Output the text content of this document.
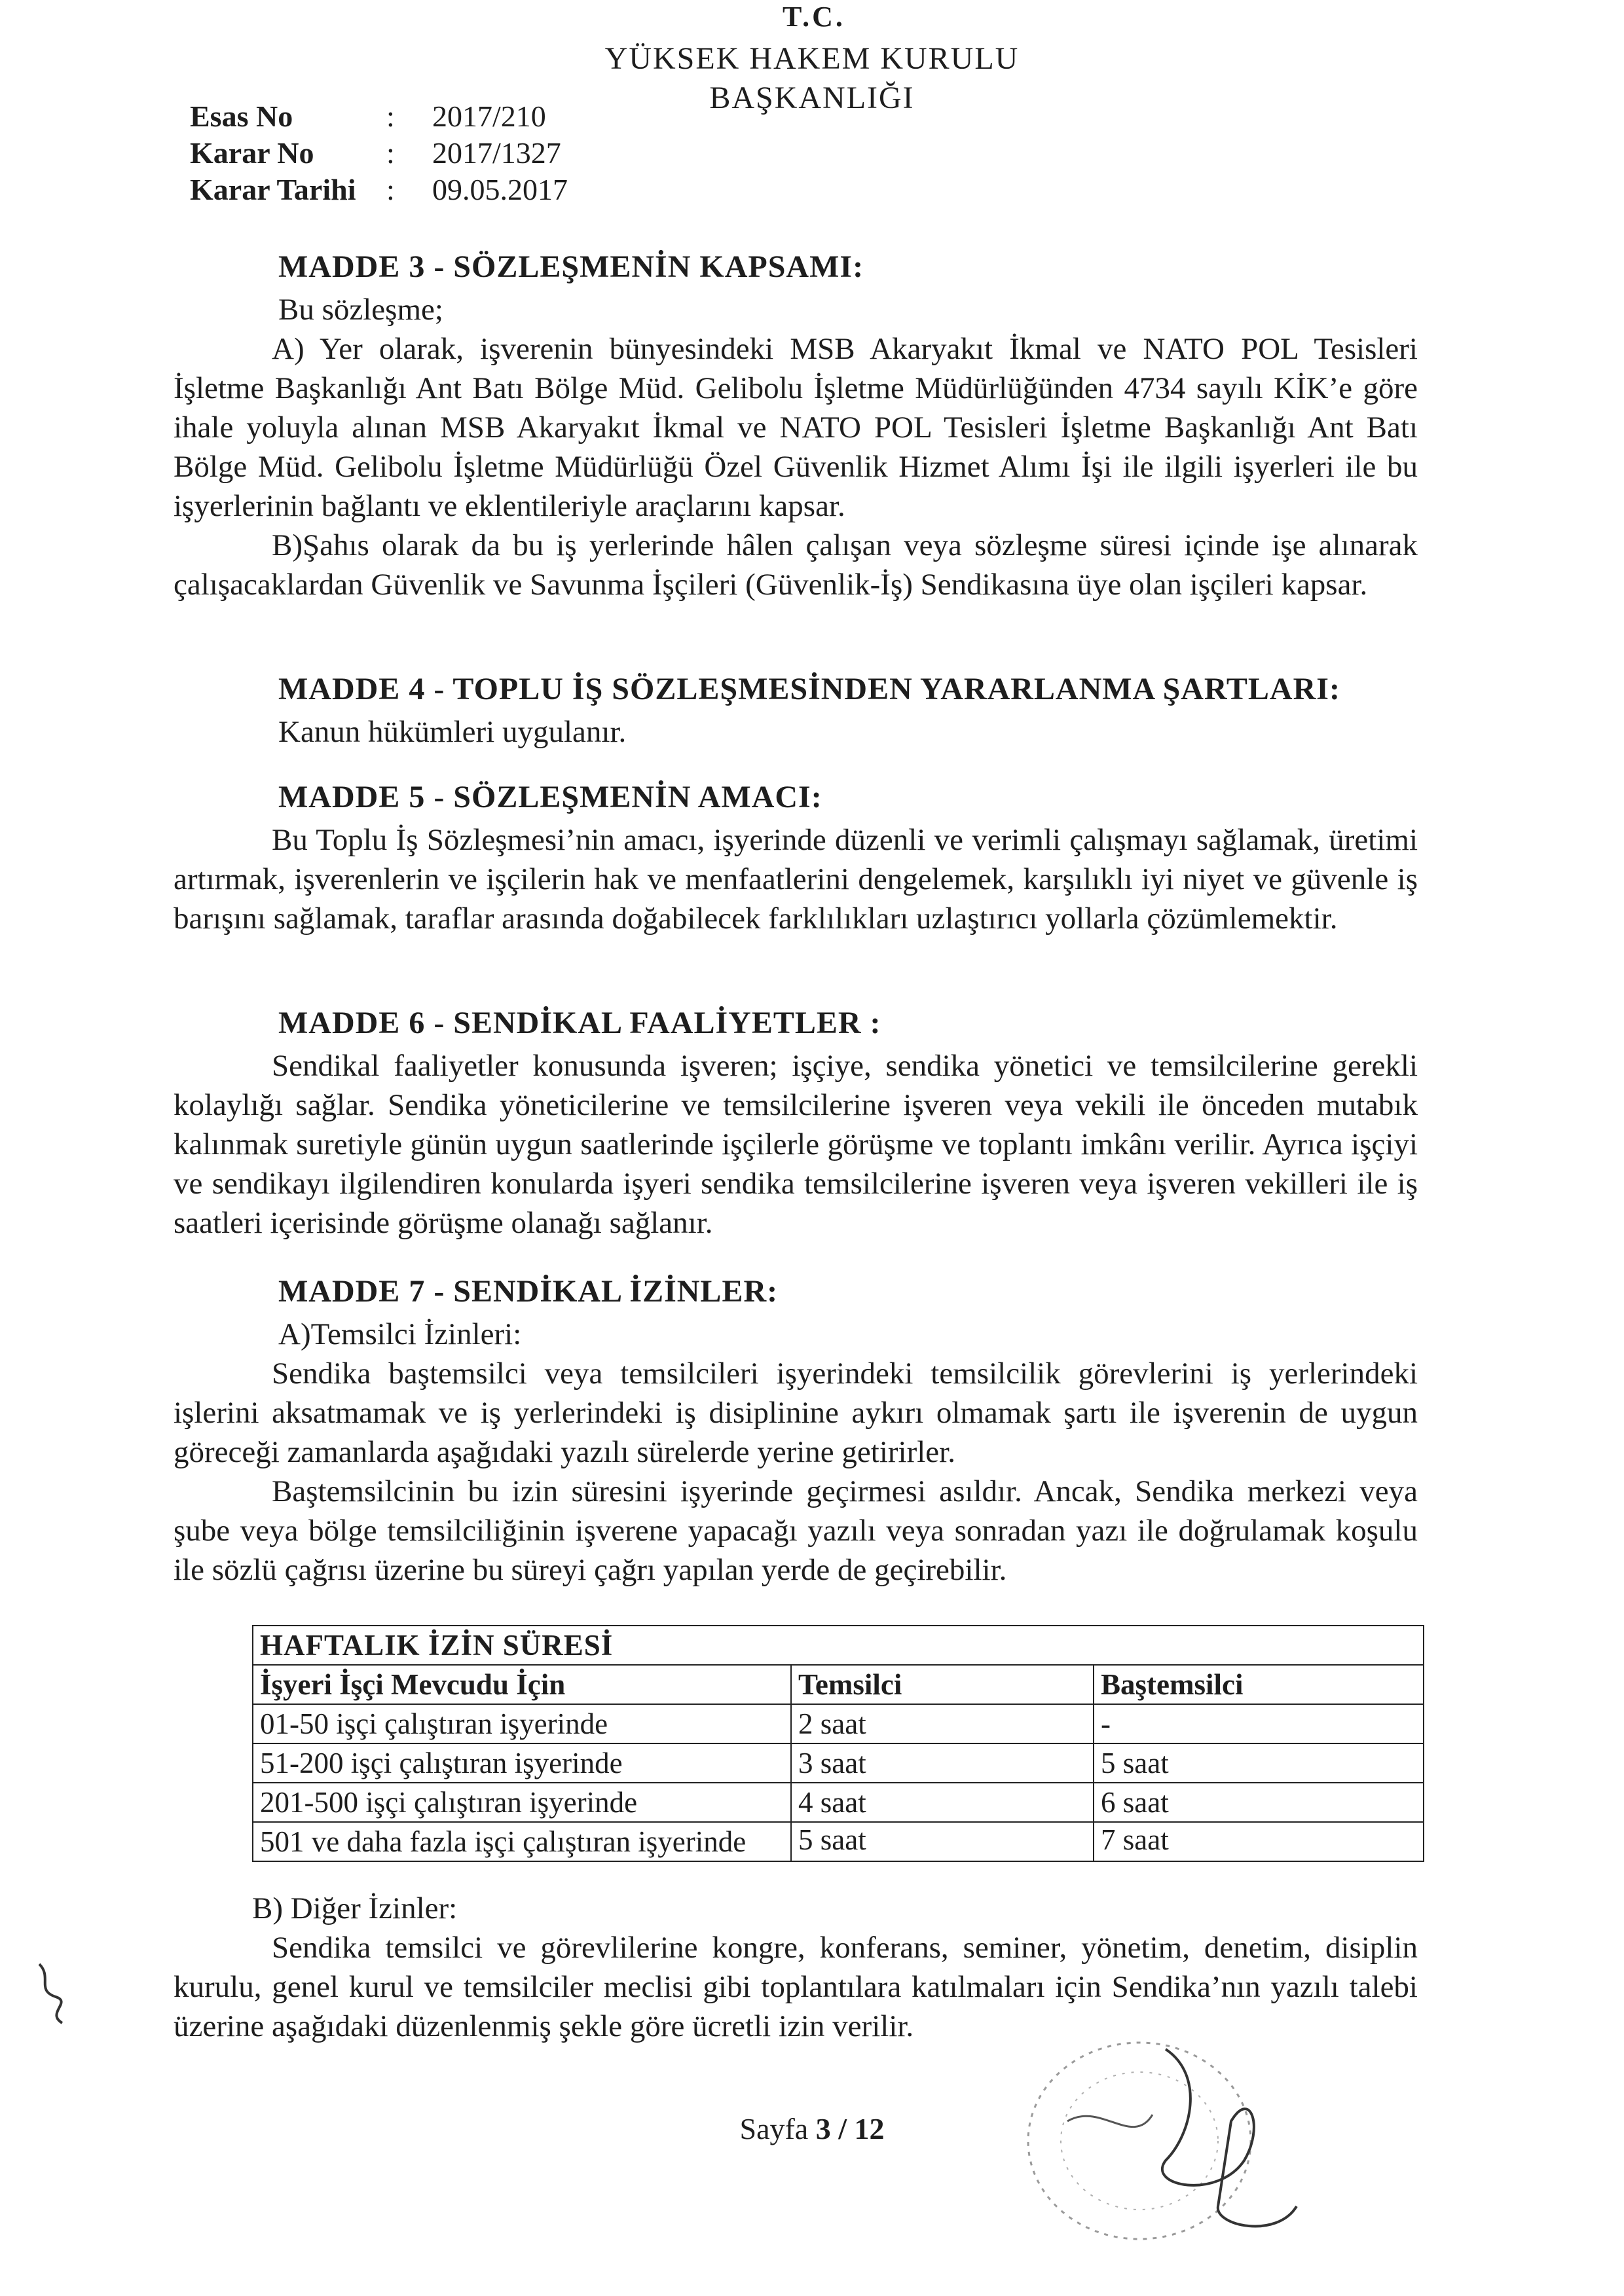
T.C.
YÜKSEK HAKEM KURULU
BAŞKANLIĞI
Esas No	:	2017/210
Karar No	:	2017/1327
Karar Tarihi	:	09.05.2017
MADDE 3 - SÖZLEŞMENİN KAPSAMI:
Bu sözleşme;

A) Yer olarak, işverenin bünyesindeki MSB Akaryakıt İkmal ve NATO POL Tesisleri İşletme Başkanlığı Ant Batı Bölge Müd. Gelibolu İşletme Müdürlüğünden 4734 sayılı KİK’e göre ihale yoluyla alınan MSB Akaryakıt İkmal ve NATO POL Tesisleri İşletme Başkanlığı Ant Batı Bölge Müd. Gelibolu İşletme Müdürlüğü Özel Güvenlik Hizmet Alımı İşi ile ilgili işyerleri ile bu işyerlerinin bağlantı ve eklentileriyle araçlarını kapsar.

B)Şahıs olarak da bu iş yerlerinde hâlen çalışan veya sözleşme süresi içinde işe alınarak çalışacaklardan Güvenlik ve Savunma İşçileri (Güvenlik-İş) Sendikasına üye olan işçileri kapsar.

MADDE 4 - TOPLU İŞ SÖZLEŞMESİNDEN YARARLANMA ŞARTLARI:
Kanun hükümleri uygulanır.
MADDE 5 - SÖZLEŞMENİN AMACI:

Bu Toplu İş Sözleşmesi’nin amacı, işyerinde düzenli ve verimli çalışmayı sağlamak, üretimi artırmak, işverenlerin ve işçilerin hak ve menfaatlerini dengelemek, karşılıklı iyi niyet ve güvenle iş barışını sağlamak, taraflar arasında doğabilecek farklılıkları uzlaştırıcı yollarla çözümlemektir.

MADDE 6 - SENDİKAL FAALİYETLER :

Sendikal faaliyetler konusunda işveren; işçiye, sendika yönetici ve temsilcilerine gerekli kolaylığı sağlar. Sendika yöneticilerine ve temsilcilerine işveren veya vekili ile önceden mutabık kalınmak suretiyle günün uygun saatlerinde işçilerle görüşme ve toplantı imkânı verilir. Ayrıca işçiyi ve sendikayı ilgilendiren konularda işyeri sendika temsilcilerine işveren veya işveren vekilleri ile iş saatleri içerisinde görüşme olanağı sağlanır.

MADDE 7 - SENDİKAL İZİNLER:
A)Temsilci İzinleri:

Sendika baştemsilci veya temsilcileri işyerindeki temsilcilik görevlerini iş yerlerindeki işlerini aksatmamak ve iş yerlerindeki iş disiplinine aykırı olmamak şartı ile işverenin de uygun göreceği zamanlarda aşağıdaki yazılı sürelerde yerine getirirler.

Baştemsilcinin bu izin süresini işyerinde geçirmesi asıldır. Ancak, Sendika merkezi veya şube veya bölge temsilciliğinin işverene yapacağı yazılı veya sonradan yazı ile doğrulamak koşulu ile sözlü çağrısı üzerine bu süreyi çağrı yapılan yerde de geçirebilir.

HAFTALIK İZİN SÜRESİ		
İşyeri İşçi Mevcudu İçin	Temsilci	Baştemsilci
01-50 işçi çalıştıran işyerinde	2 saat	-
51-200 işçi çalıştıran işyerinde	3 saat	5 saat
201-500 işçi çalıştıran işyerinde	4 saat	6 saat
501 ve daha fazla işçi çalıştıran işyerinde	5 saat	7 saat
B) Diğer İzinler:

Sendika temsilci ve görevlilerine kongre, konferans, seminer, yönetim, denetim, disiplin kurulu, genel kurul ve temsilciler meclisi gibi toplantılara katılmaları için Sendika’nın yazılı talebi üzerine aşağıdaki düzenlenmiş şekle göre ücretli izin verilir.

Sayfa 3 / 12
